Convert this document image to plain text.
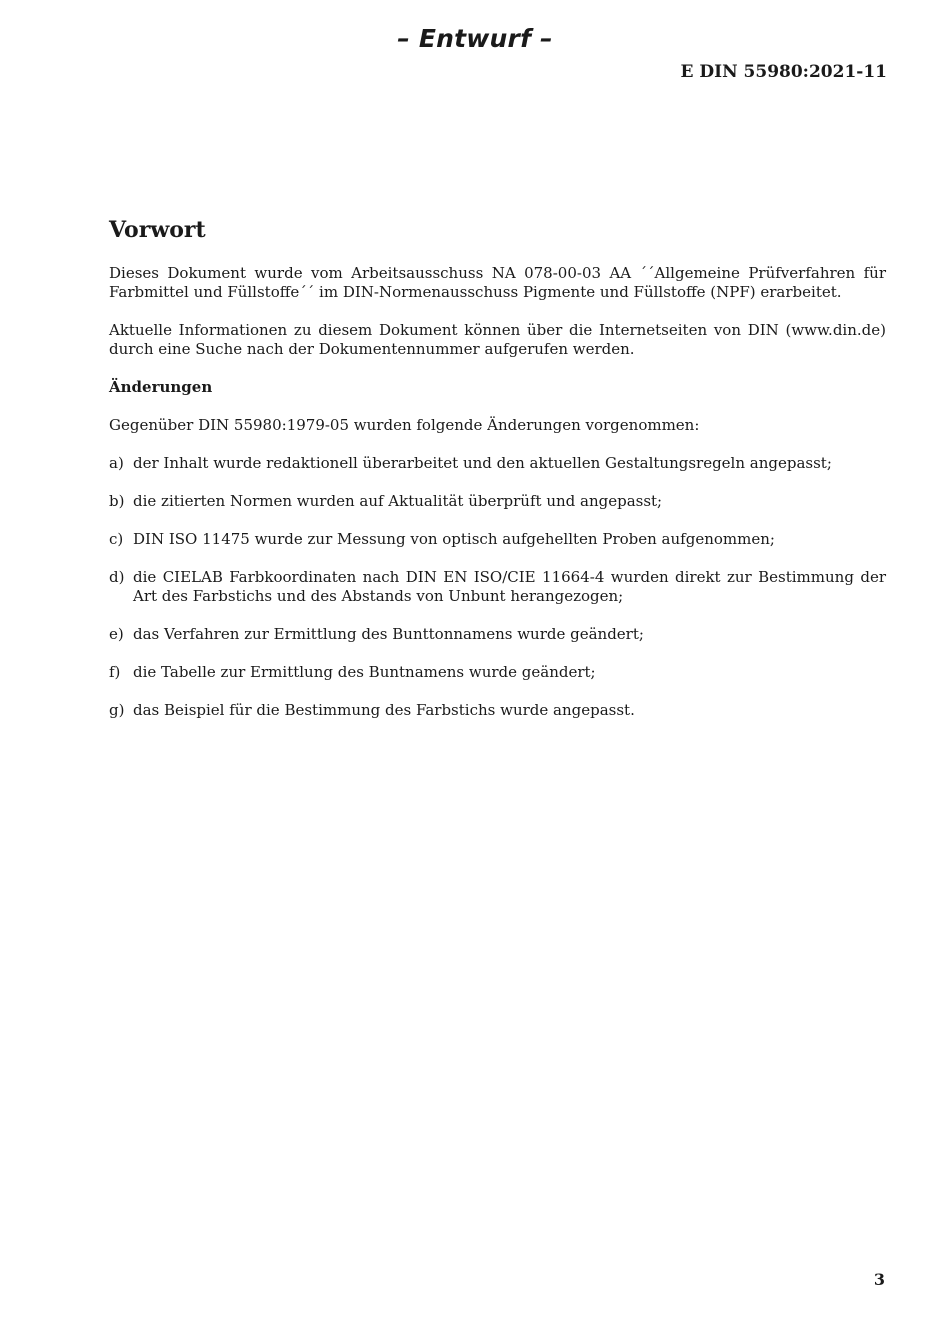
– Entwurf –
E DIN 55980:2021-11
Vorwort

Dieses Dokument wurde vom Arbeitsausschuss NA 078-00-03 AA ´´Allgemeine Prüfverfahren für Farbmittel und Füllstoffe´´ im DIN-Normenausschuss Pigmente und Füllstoffe (NPF) erarbeitet.

Aktuelle Informationen zu diesem Dokument können über die Internetseiten von DIN (www.din.de) durch eine Suche nach der Dokumentennummer aufgerufen werden.

Änderungen

Gegenüber DIN 55980:1979-05 wurden folgende Änderungen vorgenommen:

a) der Inhalt wurde redaktionell überarbeitet und den aktuellen Gestaltungsregeln angepasst;
b) die zitierten Normen wurden auf Aktualität überprüft und angepasst;
c) DIN ISO 11475 wurde zur Messung von optisch aufgehellten Proben aufgenommen;
d) die CIELAB Farbkoordinaten nach DIN EN ISO/CIE 11664-4 wurden direkt zur Bestimmung der Art des Farbstichs und des Abstands von Unbunt herangezogen;
e) das Verfahren zur Ermittlung des Bunttonnamens wurde geändert;
f) die Tabelle zur Ermittlung des Buntnamens wurde geändert;
g) das Beispiel für die Bestimmung des Farbstichs wurde angepasst.
3
